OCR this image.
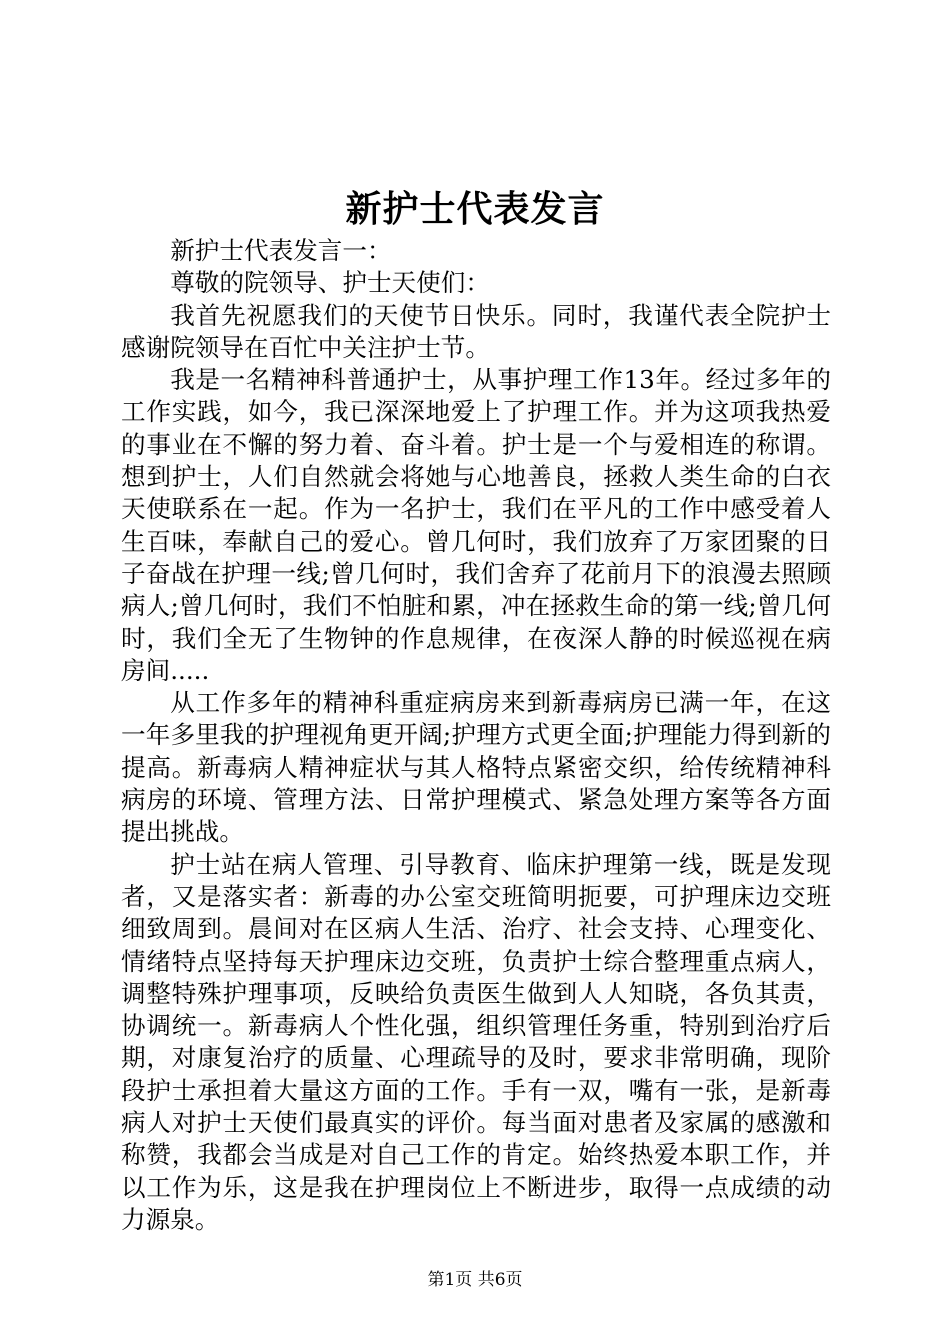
新护士代表发言

新护士代表发言一：

尊敬的院领导、护士天使们：

我首先祝愿我们的天使节日快乐。同时，我谨代表全院护士感谢院领导在百忙中关注护士节。

我是一名精神科普通护士，从事护理工作13年。经过多年的工作实践，如今，我已深深地爱上了护理工作。并为这项我热爱的事业在不懈的努力着、奋斗着。护士是一个与爱相连的称谓。想到护士，人们自然就会将她与心地善良，拯救人类生命的白衣天使联系在一起。作为一名护士，我们在平凡的工作中感受着人生百味，奉献自己的爱心。曾几何时，我们放弃了万家团聚的日子奋战在护理一线;曾几何时，我们舍弃了花前月下的浪漫去照顾病人;曾几何时，我们不怕脏和累，冲在拯救生命的第一线;曾几何时，我们全无了生物钟的作息规律，在夜深人静的时候巡视在病房间.....

从工作多年的精神科重症病房来到新毒病房已满一年，在这一年多里我的护理视角更开阔;护理方式更全面;护理能力得到新的提高。新毒病人精神症状与其人格特点紧密交织，给传统精神科病房的环境、管理方法、日常护理模式、紧急处理方案等各方面提出挑战。

护士站在病人管理、引导教育、临床护理第一线，既是发现者，又是落实者：新毒的办公室交班简明扼要，可护理床边交班细致周到。晨间对在区病人生活、治疗、社会支持、心理变化、情绪特点坚持每天护理床边交班，负责护士综合整理重点病人，调整特殊护理事项，反映给负责医生做到人人知晓，各负其责，协调统一。新毒病人个性化强，组织管理任务重，特别到治疗后期，对康复治疗的质量、心理疏导的及时，要求非常明确，现阶段护士承担着大量这方面的工作。手有一双，嘴有一张，是新毒病人对护士天使们最真实的评价。每当面对患者及家属的感激和称赞，我都会当成是对自己工作的肯定。始终热爱本职工作，并以工作为乐，这是我在护理岗位上不断进步，取得一点成绩的动力源泉。

第1页 共6页
